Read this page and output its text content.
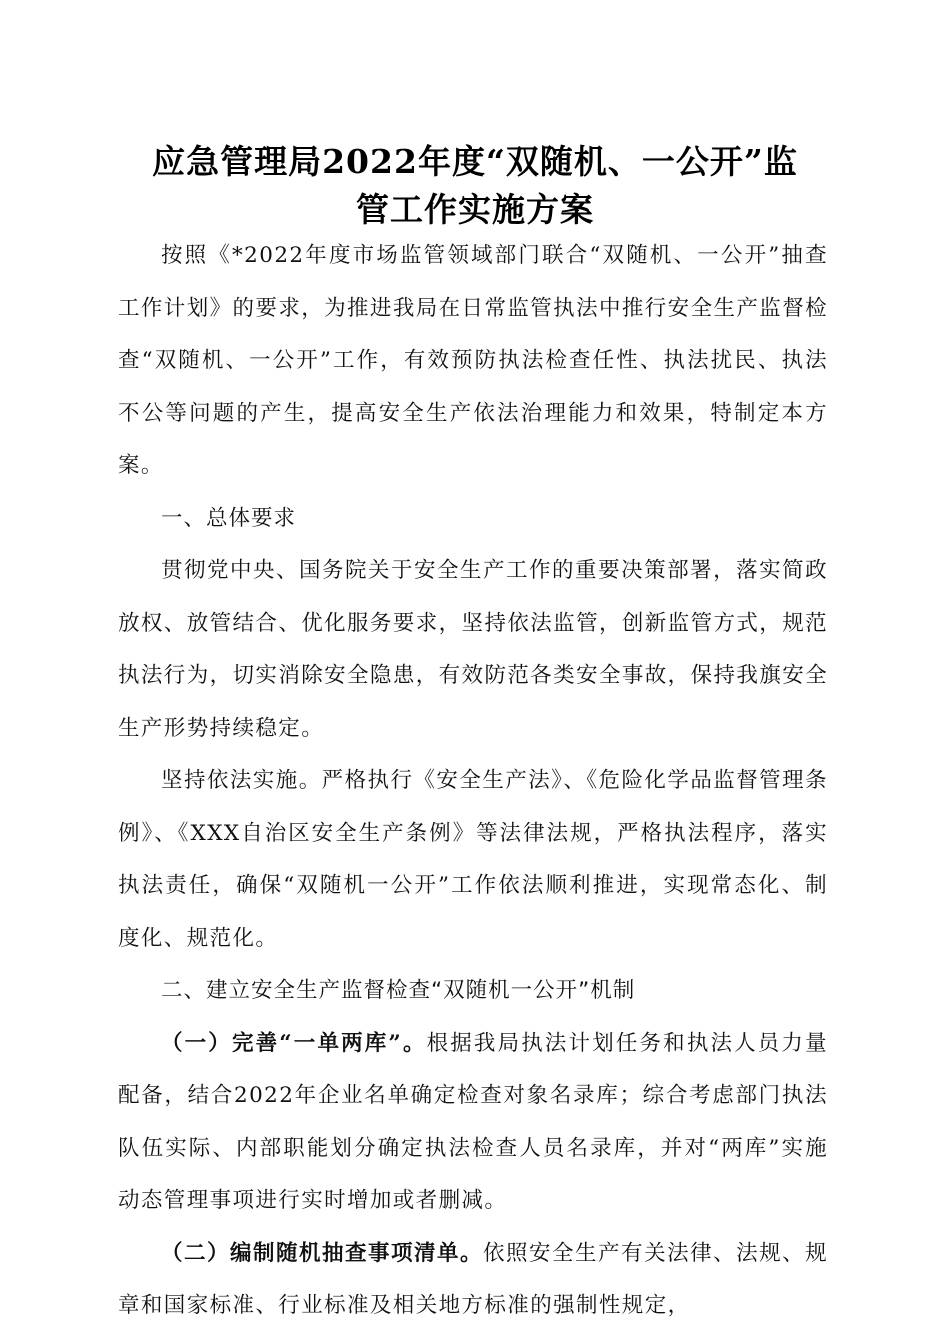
应急管理局2022年度“双随机、一公开”监
管工作实施方案

按照《*2022年度市场监管领域部门联合“双随机、一公开”抽查工作计划》的要求，为推进我局在日常监管执法中推行安全生产监督检查“双随机、一公开”工作，有效预防执法检查任性、执法扰民、执法不公等问题的产生，提高安全生产依法治理能力和效果，特制定本方案。

一、总体要求

贯彻党中央、国务院关于安全生产工作的重要决策部署，落实简政放权、放管结合、优化服务要求，坚持依法监管，创新监管方式，规范执法行为，切实消除安全隐患，有效防范各类安全事故，保持我旗安全生产形势持续稳定。

坚持依法实施。严格执行《安全生产法》、《危险化学品监督管理条例》、《XXX自治区安全生产条例》等法律法规，严格执法程序，落实执法责任，确保“双随机一公开”工作依法顺利推进，实现常态化、制度化、规范化。

二、建立安全生产监督检查“双随机一公开”机制

（一）完善“一单两库”。根据我局执法计划任务和执法人员力量配备，结合2022年企业名单确定检查对象名录库；综合考虑部门执法队伍实际、内部职能划分确定执法检查人员名录库，并对“两库”实施动态管理事项进行实时增加或者删减。

（二）编制随机抽查事项清单。依照安全生产有关法律、法规、规章和国家标准、行业标准及相关地方标准的强制性规定，
